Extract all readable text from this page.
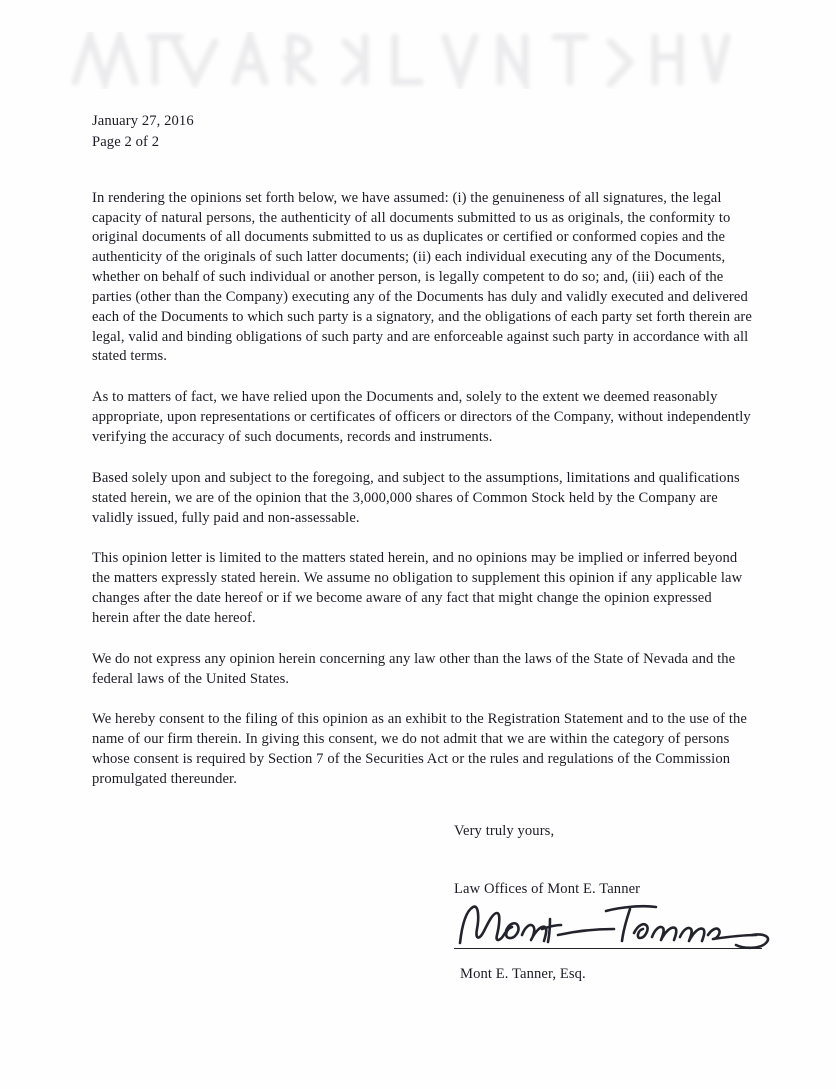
January 27, 2016
Page 2 of 2

In rendering the opinions set forth below, we have assumed: (i) the genuineness of all signatures, the legal capacity of natural persons, the authenticity of all documents submitted to us as originals, the conformity to original documents of all documents submitted to us as duplicates or certified or conformed copies and the authenticity of the originals of such latter documents; (ii) each individual executing any of the Documents, whether on behalf of such individual or another person, is legally competent to do so; and, (iii) each of the parties (other than the Company) executing any of the Documents has duly and validly executed and delivered each of the Documents to which such party is a signatory, and the obligations of each party set forth therein are legal, valid and binding obligations of such party and are enforceable against such party in accordance with all stated terms.

As to matters of fact, we have relied upon the Documents and, solely to the extent we deemed reasonably appropriate, upon representations or certificates of officers or directors of the Company, without independently verifying the accuracy of such documents, records and instruments.

Based solely upon and subject to the foregoing, and subject to the assumptions, limitations and qualifications stated herein, we are of the opinion that the 3,000,000 shares of Common Stock held by the Company are validly issued, fully paid and non-assessable.

This opinion letter is limited to the matters stated herein, and no opinions may be implied or inferred beyond the matters expressly stated herein. We assume no obligation to supplement this opinion if any applicable law changes after the date hereof or if we become aware of any fact that might change the opinion expressed herein after the date hereof.

We do not express any opinion herein concerning any law other than the laws of the State of Nevada and the federal laws of the United States.

We hereby consent to the filing of this opinion as an exhibit to the Registration Statement and to the use of the name of our firm therein. In giving this consent, we do not admit that we are within the category of persons whose consent is required by Section 7 of the Securities Act or the rules and regulations of the Commission promulgated thereunder.

Very truly yours,

Law Offices of Mont E. Tanner

Mont E. Tanner, Esq.
